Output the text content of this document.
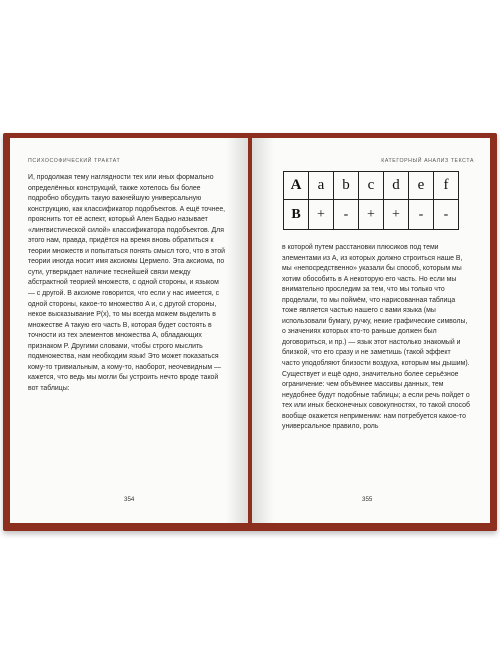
ПСИХОСОФИЧЕСКИЙ ТРАКТАТ

И, продолжая тему наглядности тех или иных формально определённых конструкций, также хотелось бы более подробно обсудить такую важнейшую универсальную конструкцию, как классификатор подобъектов. А ещё точнее, прояснить тот её аспект, который Ален Бадью называет «лингвистической силой» классификатора подобъектов. Для этого нам, правда, придётся на время вновь обратиться к теории множеств и попытаться понять смысл того, что в этой теории иногда носит имя аксиомы Цермело. Эта аксиома, по сути, утверждает наличие теснейшей связи между абстрактной теорией множеств, с одной стороны, и языком — с другой. В аксиоме говорится, что если у нас имеется, с одной стороны, какое-то множество A и, с другой стороны, некое высказывание P(x), то мы всегда можем выделить в множестве A такую его часть B, которая будет состоять в точности из тех элементов множества A, обладающих признаком P. Другими словами, чтобы строго мыслить подмножества, нам необходим язык! Это может показаться кому-то тривиальным, а кому-то, наоборот, неочевидным — кажется, что ведь мы могли бы устроить нечто вроде такой вот таблицы:

354
КАТЕГОРНЫЙ АНАЛИЗ ТЕКСТА
A	a	b	c	d	e	f
B	+	-	+	+	-	-

в которой путем расстановки плюсиков под теми элементами из A, из которых должно строиться наше B, мы «непосредственно» указали бы способ, которым мы хотим обособить в A некоторую его часть. Но если мы внимательно проследим за тем, что мы только что проделали, то мы поймём, что нарисованная таблица тоже является частью нашего с вами языка (мы использовали бумагу, ручку, некие графические символы, о значениях которых кто-то раньше должен был договориться, и пр.) — язык этот настолько знакомый и близкой, что его сразу и не заметишь (такой эффект часто уподобляют близости воздуха, которым мы дышим). Существует и ещё одно, значительно более серьёзное ограничение: чем объёмнее массивы данных, тем неудобнее будут подобные таблицы; а если речь пойдет о тех или иных бесконечных совокупностях, то такой способ вообще окажется неприменим: нам потребуется какое-то универсальное правило, роль

355
